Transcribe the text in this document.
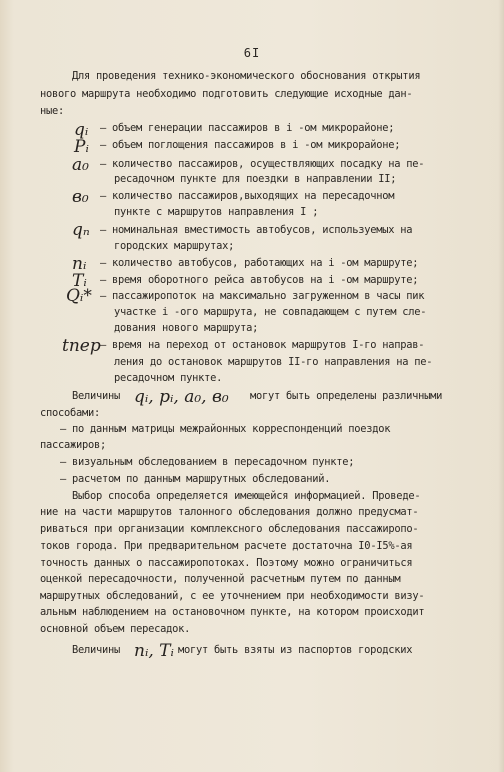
6I
Для проведения технико-экономического обоснования открытия
нового маршрута необходимо подготовить следующие исходные дан-
ные:
– объем генерации пассажиров в i -ом микрорайоне;
– объем поглощения пассажиров в i -ом микрорайоне;
– количество пассажиров, осуществляющих посадку на пе-
ресадочном пункте для поездки в направлении II;
– количество пассажиров,выходящих на пересадочном
пункте с маршрутов направления I ;
– номинальная вместимость автобусов, используемых на
городских маршрутах;
– количество автобусов, работающих на i -ом маршруте;
– время оборотного рейса автобусов на i -ом маршруте;
– пассажиропоток на максимально загруженном в часы пик
участке i -ого маршрута, не совпадающем с путем сле-
дования нового маршрута;
– время на переход от остановок маршрутов I-го направ-
ления до остановок маршрутов II-го направления на пе-
ресадочном пункте.
Величины	могут быть определены различными
способами:
– по данным матрицы межрайонных корреспонденций поездок
пассажиров;
– визуальным обследованием в пересадочном пункте;
– расчетом по данным маршрутных обследований.
Выбор способа определяется имеющейся информацией. Проведе-
ние на части маршрутов талонного обследования должно предусмат-
риваться при организации комплексного обследования пассажиропо-
токов города. При предварительном расчете достаточна I0-I5%-ая
точность данных о пассажиропотоках. Поэтому можно ограничиться
оценкой пересадочности, полученной расчетным путем по данным
маршрутных обследований, с ее уточнением при необходимости визу-
альным наблюдением на остановочном пункте, на котором происходит
основной объем пересадок.
Величины	могут быть взяты из паспортов городских
qᵢ
Pᵢ
a₀
в₀
qₙ
nᵢ
Tᵢ
Qᵢ*
tпер
qᵢ, pᵢ, a₀, в₀
nᵢ, Tᵢ
